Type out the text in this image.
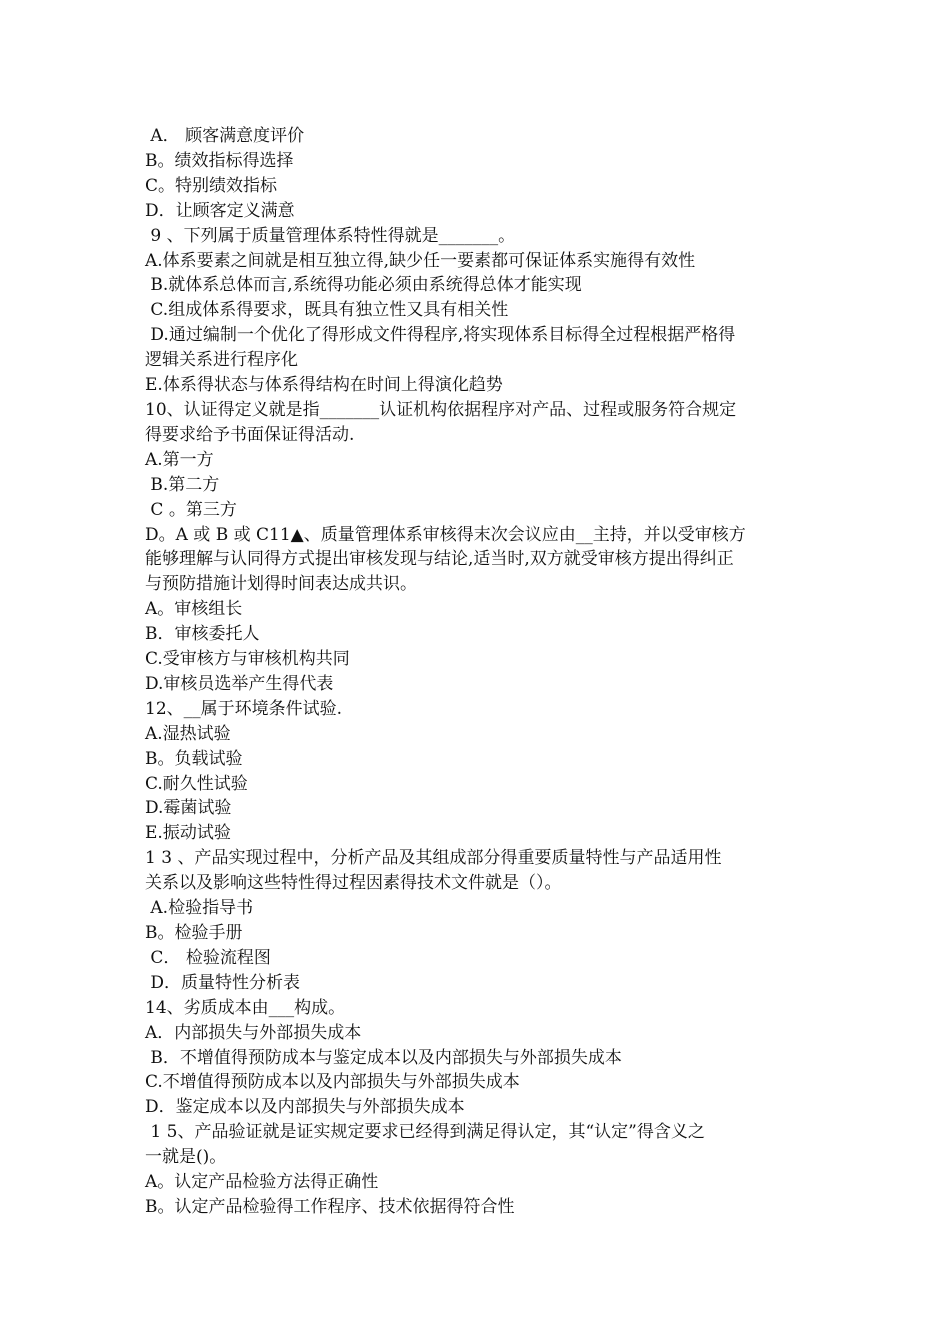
A． 顾客满意度评价

B。绩效指标得选择

C。特别绩效指标

D．让顾客定义满意

9 、下列属于质量管理体系特性得就是_______。

A.体系要素之间就是相互独立得,缺少任一要素都可保证体系实施得有效性

B.就体系总体而言,系统得功能必须由系统得总体才能实现

C.组成体系得要求，既具有独立性又具有相关性

D.通过编制一个优化了得形成文件得程序,将实现体系目标得全过程根据严格得

逻辑关系进行程序化

E.体系得状态与体系得结构在时间上得演化趋势

10、认证得定义就是指_______认证机构依据程序对产品、过程或服务符合规定

得要求给予书面保证得活动.

A.第一方

B.第二方

C 。第三方

D。A 或 B 或 C11▲、质量管理体系审核得末次会议应由__主持，并以受审核方

能够理解与认同得方式提出审核发现与结论,适当时,双方就受审核方提出得纠正

与预防措施计划得时间表达成共识。

A。审核组长

B．审核委托人

C.受审核方与审核机构共同

D.审核员选举产生得代表

12、__属于环境条件试验.

A.湿热试验

B。负载试验

C.耐久性试验

D.霉菌试验

E.振动试验

1 3 、产品实现过程中，分析产品及其组成部分得重要质量特性与产品适用性

关系以及影响这些特性得过程因素得技术文件就是（）。

A.检验指导书

B。检验手册

C． 检验流程图

D．质量特性分析表

14、劣质成本由___构成。

A．内部损失与外部损失成本

B．不增值得预防成本与鉴定成本以及内部损失与外部损失成本

C.不增值得预防成本以及内部损失与外部损失成本

D．鉴定成本以及内部损失与外部损失成本

1 5、产品验证就是证实规定要求已经得到满足得认定，其“认定”得含义之

一就是()。

A。认定产品检验方法得正确性

B。认定产品检验得工作程序、技术依据得符合性
